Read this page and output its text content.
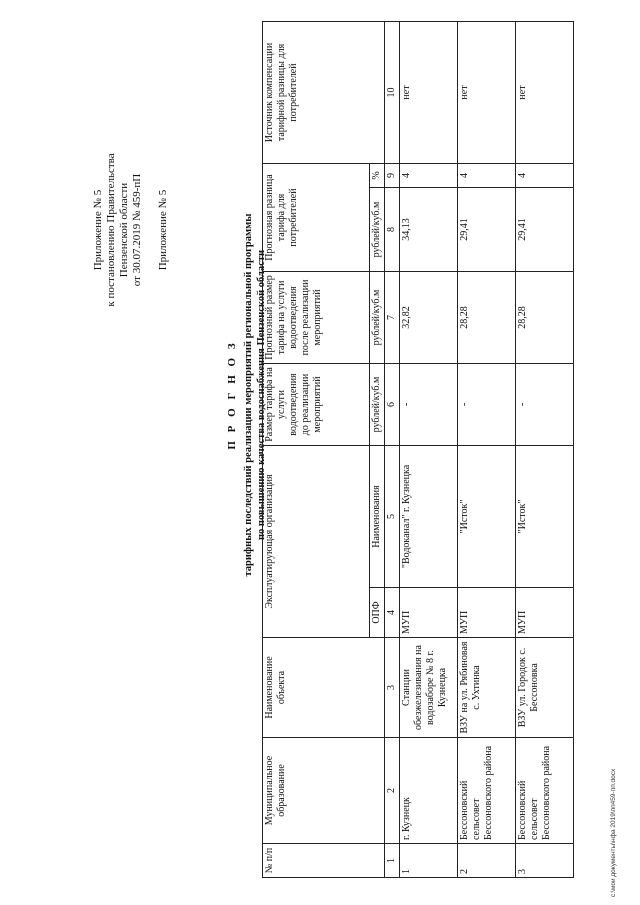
Приложение № 5 к постановлению Правительства Пензенской области от 30.07.2019 № 459-пП Приложение № 5
П Р О Г Н О З тарифных последствий реализации мероприятий региональной программы по повышению качества водоснабжения Пензенской области
№ п/п	Муниципальное образование	Наименование объекта	Эксплуатирующая организация		Размер тарифа на услуги водоотведения до реализации мероприятий	Прогнозный размер тарифа на услуги водоотведения после реализации мероприятий	Прогнозная разница тарифа для потребителей		Источник компенсации тарифной разницы для потребителей
			ОПФ	Наименования	рублей/куб.м	рублей/куб.м	рублей/куб.м	%	
1	2	3	4	5	6	7	8	9	10
1	г. Кузнецк	Станции обезжелезивания на водозаборе № 8 г. Кузнецка	МУП	"Водоканал" г. Кузнецка	-	32,82	34,13	4	нет
2	Бессоновский сельсовет Бессоновского района	ВЗУ на ул. Рябиновая с. Ухтинка	МУП	"Исток"	-	28,28	29,41	4	нет
3	Бессоновский сельсовет Бессоновского района	ВЗУ ул. Городок с. Бессоновка	МУП	"Исток"	-	28,28	29,41	4	нет
c:\мои документы\нфа 2019\пп459-пп.docx
